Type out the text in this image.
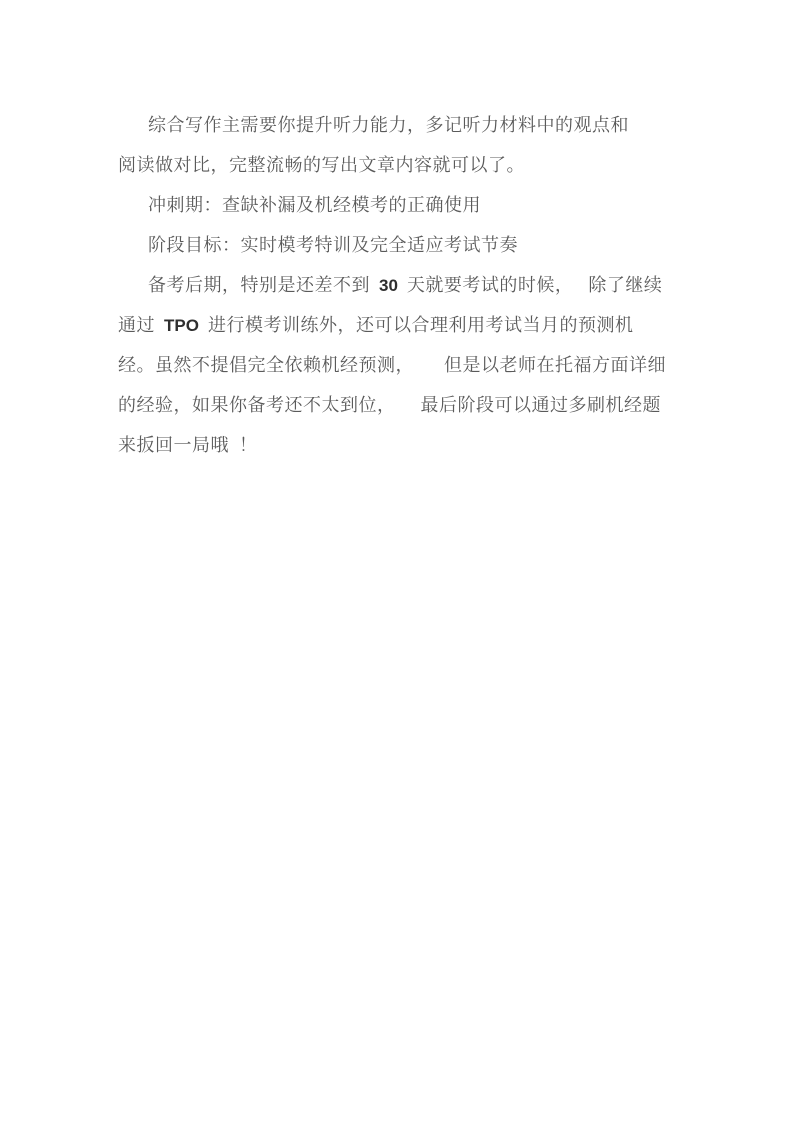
综合写作主需要你提升听力能力，多记听力材料中的观点和
阅读做对比，完整流畅的写出文章内容就可以了。
冲刺期：查缺补漏及机经模考的正确使用
阶段目标：实时模考特训及完全适应考试节奏
备考后期，特别是还差不到 30 天就要考试的时候，   除了继续
通过 TPO 进行模考训练外，还可以合理利用考试当月的预测机
经。虽然不提倡完全依赖机经预测，      但是以老师在托福方面详细
的经验，如果你备考还不太到位，     最后阶段可以通过多刷机经题
来扳回一局哦  ！
